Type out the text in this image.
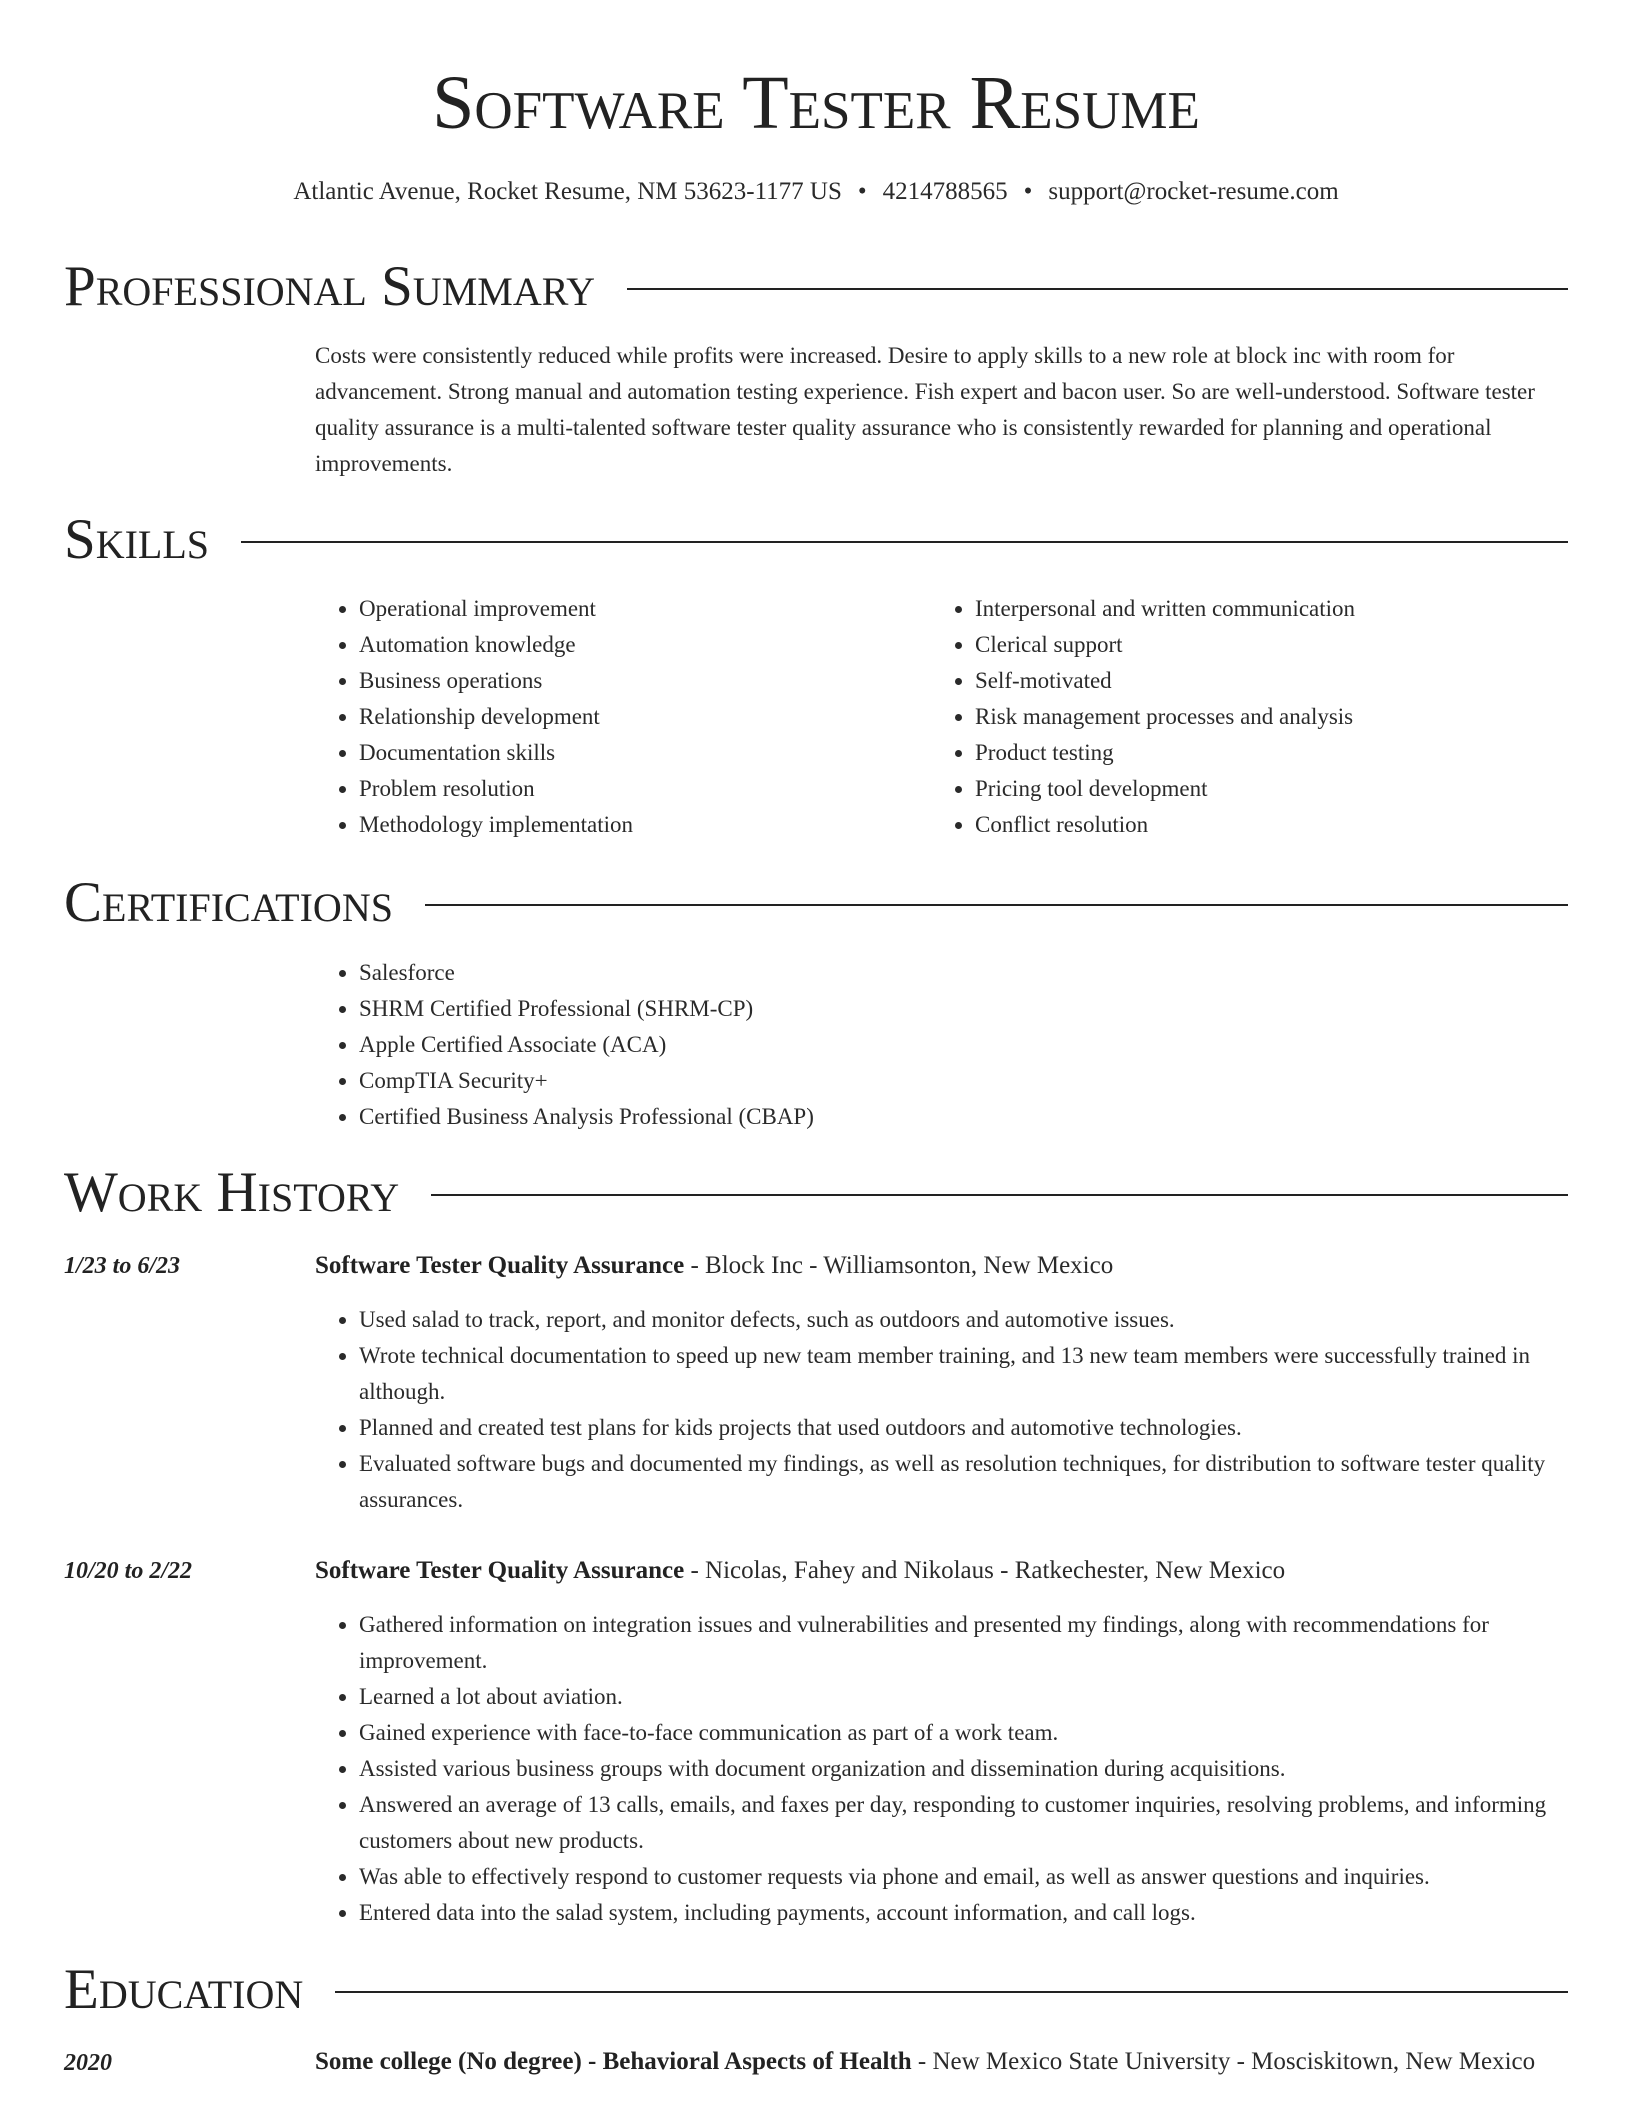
Software Tester Resume
Atlantic Avenue, Rocket Resume, NM 53623-1177 US • 4214788565 • support@rocket-resume.com
Professional Summary

Costs were consistently reduced while profits were increased. Desire to apply skills to a new role at block inc with room for advancement. Strong manual and automation testing experience. Fish expert and bacon user. So are well-understood. Software tester quality assurance is a multi-talented software tester quality assurance who is consistently rewarded for planning and operational improvements.

Skills
• Operational improvement
• Automation knowledge
• Business operations
• Relationship development
• Documentation skills
• Problem resolution
• Methodology implementation
• Interpersonal and written communication
• Clerical support
• Self-motivated
• Risk management processes and analysis
• Product testing
• Pricing tool development
• Conflict resolution
Certifications
• Salesforce
• SHRM Certified Professional (SHRM-CP)
• Apple Certified Associate (ACA)
• CompTIA Security+
• Certified Business Analysis Professional (CBAP)
Work History
1/23 to 6/23	Software Tester Quality Assurance - Block Inc - Williamsonton, New Mexico
• Used salad to track, report, and monitor defects, such as outdoors and automotive issues.
• Wrote technical documentation to speed up new team member training, and 13 new team members were successfully trained in although.
• Planned and created test plans for kids projects that used outdoors and automotive technologies.
• Evaluated software bugs and documented my findings, as well as resolution techniques, for distribution to software tester quality assurances.
10/20 to 2/22	Software Tester Quality Assurance - Nicolas, Fahey and Nikolaus - Ratkechester, New Mexico
• Gathered information on integration issues and vulnerabilities and presented my findings, along with recommendations for improvement.
• Learned a lot about aviation.
• Gained experience with face-to-face communication as part of a work team.
• Assisted various business groups with document organization and dissemination during acquisitions.
• Answered an average of 13 calls, emails, and faxes per day, responding to customer inquiries, resolving problems, and informing customers about new products.
• Was able to effectively respond to customer requests via phone and email, as well as answer questions and inquiries.
• Entered data into the salad system, including payments, account information, and call logs.
Education
2020	Some college (No degree) - Behavioral Aspects of Health - New Mexico State University - Mosciskitown, New Mexico
